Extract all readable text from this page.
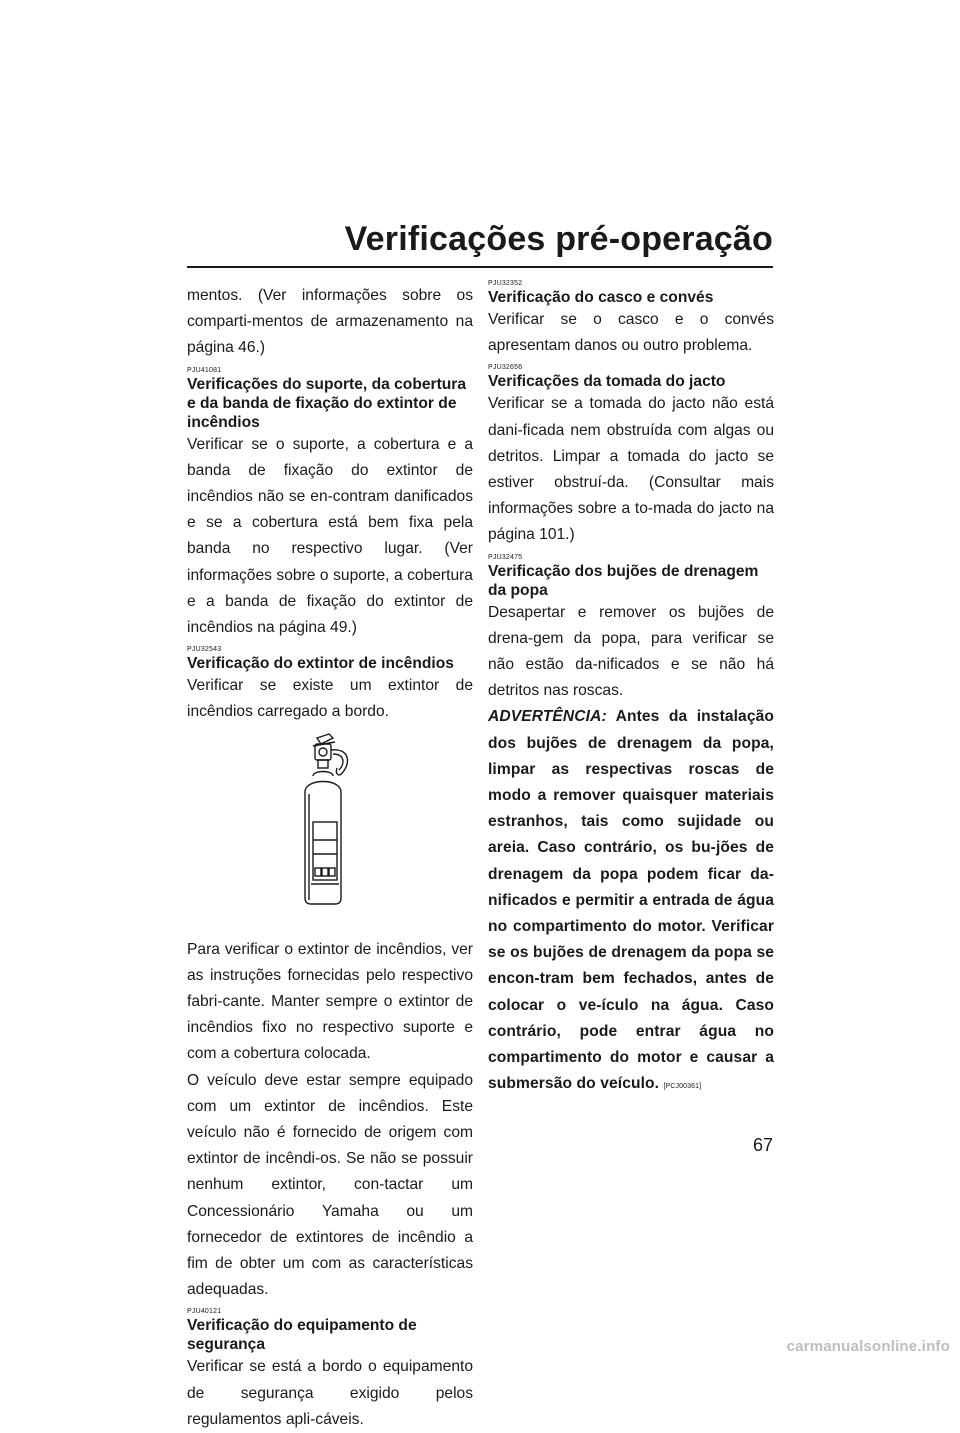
Verificações pré-operação

mentos. (Ver informações sobre os comparti-mentos de armazenamento na página 46.)

PJU41081
Verificações do suporte, da cobertura e da banda de fixação do extintor de incêndios

Verificar se o suporte, a cobertura e a banda de fixação do extintor de incêndios não se en-contram danificados e se a cobertura está bem fixa pela banda no respectivo lugar. (Ver informações sobre o suporte, a cobertura e a banda de fixação do extintor de incêndios na página 49.)

PJU32543
Verificação do extintor de incêndios

Verificar se existe um extintor de incêndios carregado a bordo.

Para verificar o extintor de incêndios, ver as instruções fornecidas pelo respectivo fabri-cante. Manter sempre o extintor de incêndios fixo no respectivo suporte e com a cobertura colocada.

O veículo deve estar sempre equipado com um extintor de incêndios. Este veículo não é fornecido de origem com extintor de incêndi-os. Se não se possuir nenhum extintor, con-tactar um Concessionário Yamaha ou um fornecedor de extintores de incêndio a fim de obter um com as características adequadas.

PJU40121
Verificação do equipamento de segurança

Verificar se está a bordo o equipamento de segurança exigido pelos regulamentos apli-cáveis.

PJU32352
Verificação do casco e convés

Verificar se o casco e o convés apresentam danos ou outro problema.

PJU32656
Verificações da tomada do jacto

Verificar se a tomada do jacto não está dani-ficada nem obstruída com algas ou detritos. Limpar a tomada do jacto se estiver obstruí-da. (Consultar mais informações sobre a to-mada do jacto na página 101.)

PJU32475
Verificação dos bujões de drenagem da popa

Desapertar e remover os bujões de drena-gem da popa, para verificar se não estão da-nificados e se não há detritos nas roscas.

ADVERTÊNCIA: Antes da instalação dos bujões de drenagem da popa, limpar as respectivas roscas de modo a remover quaisquer materiais estranhos, tais como sujidade ou areia. Caso contrário, os bu-jões de drenagem da popa podem ficar da-nificados e permitir a entrada de água no compartimento do motor. Verificar se os bujões de drenagem da popa se encon-tram bem fechados, antes de colocar o ve-ículo na água. Caso contrário, pode entrar água no compartimento do motor e causar a submersão do veículo. [PCJ00361]

67
carmanualsonline.info
